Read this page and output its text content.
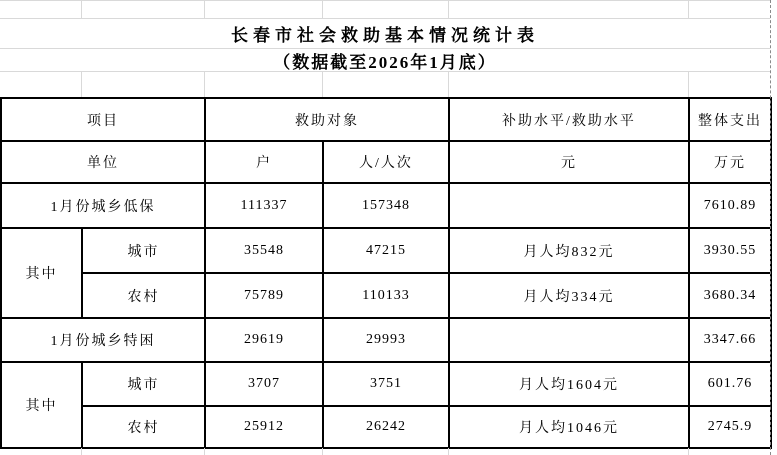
长春市社会救助基本情况统计表
（数据截至2026年1月底）
项目		救助对象		补助水平/救助水平	整体支出
单位		户	人/人次	元	万元
1月份城乡低保		111337	157348		7610.89
其中	城市	35548	47215	月人均832元	3930.55
	农村	75789	110133	月人均334元	3680.34
1月份城乡特困		29619	29993		3347.66
其中	城市	3707	3751	月人均1604元	601.76
	农村	25912	26242	月人均1046元	2745.9
